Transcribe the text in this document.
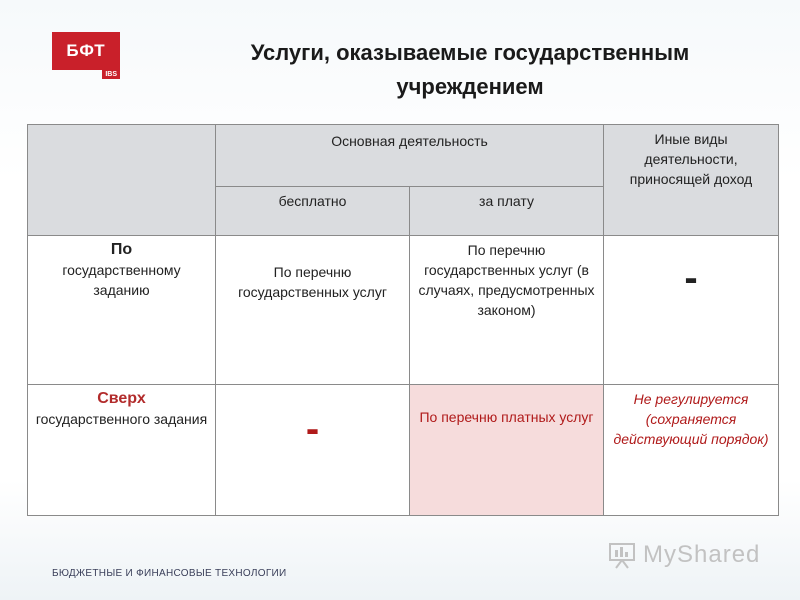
БФТ
IBS
Услуги, оказываемые государственным учреждением
	Основная деятельность		Иные виды деятельности, приносящей доход
	бесплатно	за плату	

По
государственному заданию	По перечню государственных услуг	По перечню государственных услуг (в случаях, предусмотренных законом)	-

Сверх
государственного задания	-	По перечню платных услуг	Не регулируется (сохраняется действующий порядок)
MyShared
БЮДЖЕТНЫЕ И ФИНАНСОВЫЕ ТЕХНОЛОГИИ
